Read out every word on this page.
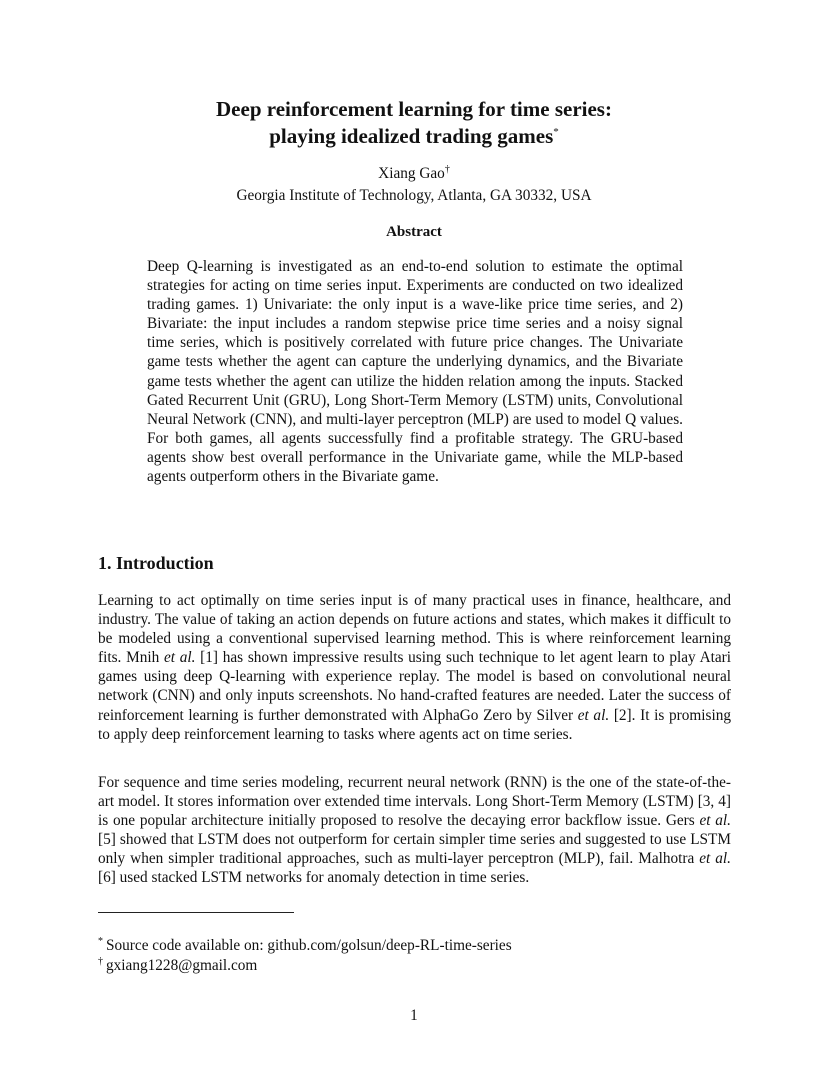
Deep reinforcement learning for time series:
playing idealized trading games*
Xiang Gao†
Georgia Institute of Technology, Atlanta, GA 30332, USA
Abstract

Deep Q-learning is investigated as an end-to-end solution to estimate the optimal strategies for acting on time series input. Experiments are conducted on two idealized trading games. 1) Univariate: the only input is a wave-like price time series, and 2) Bivariate: the input includes a random stepwise price time series and a noisy signal time series, which is positively correlated with future price changes. The Univariate game tests whether the agent can capture the underlying dynamics, and the Bivariate game tests whether the agent can utilize the hidden relation among the inputs. Stacked Gated Recurrent Unit (GRU), Long Short-Term Memory (LSTM) units, Convolutional Neural Network (CNN), and multi-layer perceptron (MLP) are used to model Q values. For both games, all agents successfully find a profitable strategy. The GRU-based agents show best overall performance in the Univariate game, while the MLP-based agents outperform others in the Bivariate game.

1. Introduction

Learning to act optimally on time series input is of many practical uses in finance, healthcare, and industry. The value of taking an action depends on future actions and states, which makes it difficult to be modeled using a conventional supervised learning method. This is where reinforcement learning fits. Mnih et al. [1] has shown impressive results using such technique to let agent learn to play Atari games using deep Q-learning with experience replay. The model is based on convolutional neural network (CNN) and only inputs screenshots. No hand-crafted features are needed. Later the success of reinforcement learning is further demonstrated with AlphaGo Zero by Silver et al. [2]. It is promising to apply deep reinforcement learning to tasks where agents act on time series.

For sequence and time series modeling, recurrent neural network (RNN) is the one of the state-of-the-art model. It stores information over extended time intervals. Long Short-Term Memory (LSTM) [3, 4] is one popular architecture initially proposed to resolve the decaying error backflow issue. Gers et al. [5] showed that LSTM does not outperform for certain simpler time series and suggested to use LSTM only when simpler traditional approaches, such as multi-layer perceptron (MLP), fail. Malhotra et al. [6] used stacked LSTM networks for anomaly detection in time series.

* Source code available on: github.com/golsun/deep-RL-time-series
† gxiang1228@gmail.com
1
